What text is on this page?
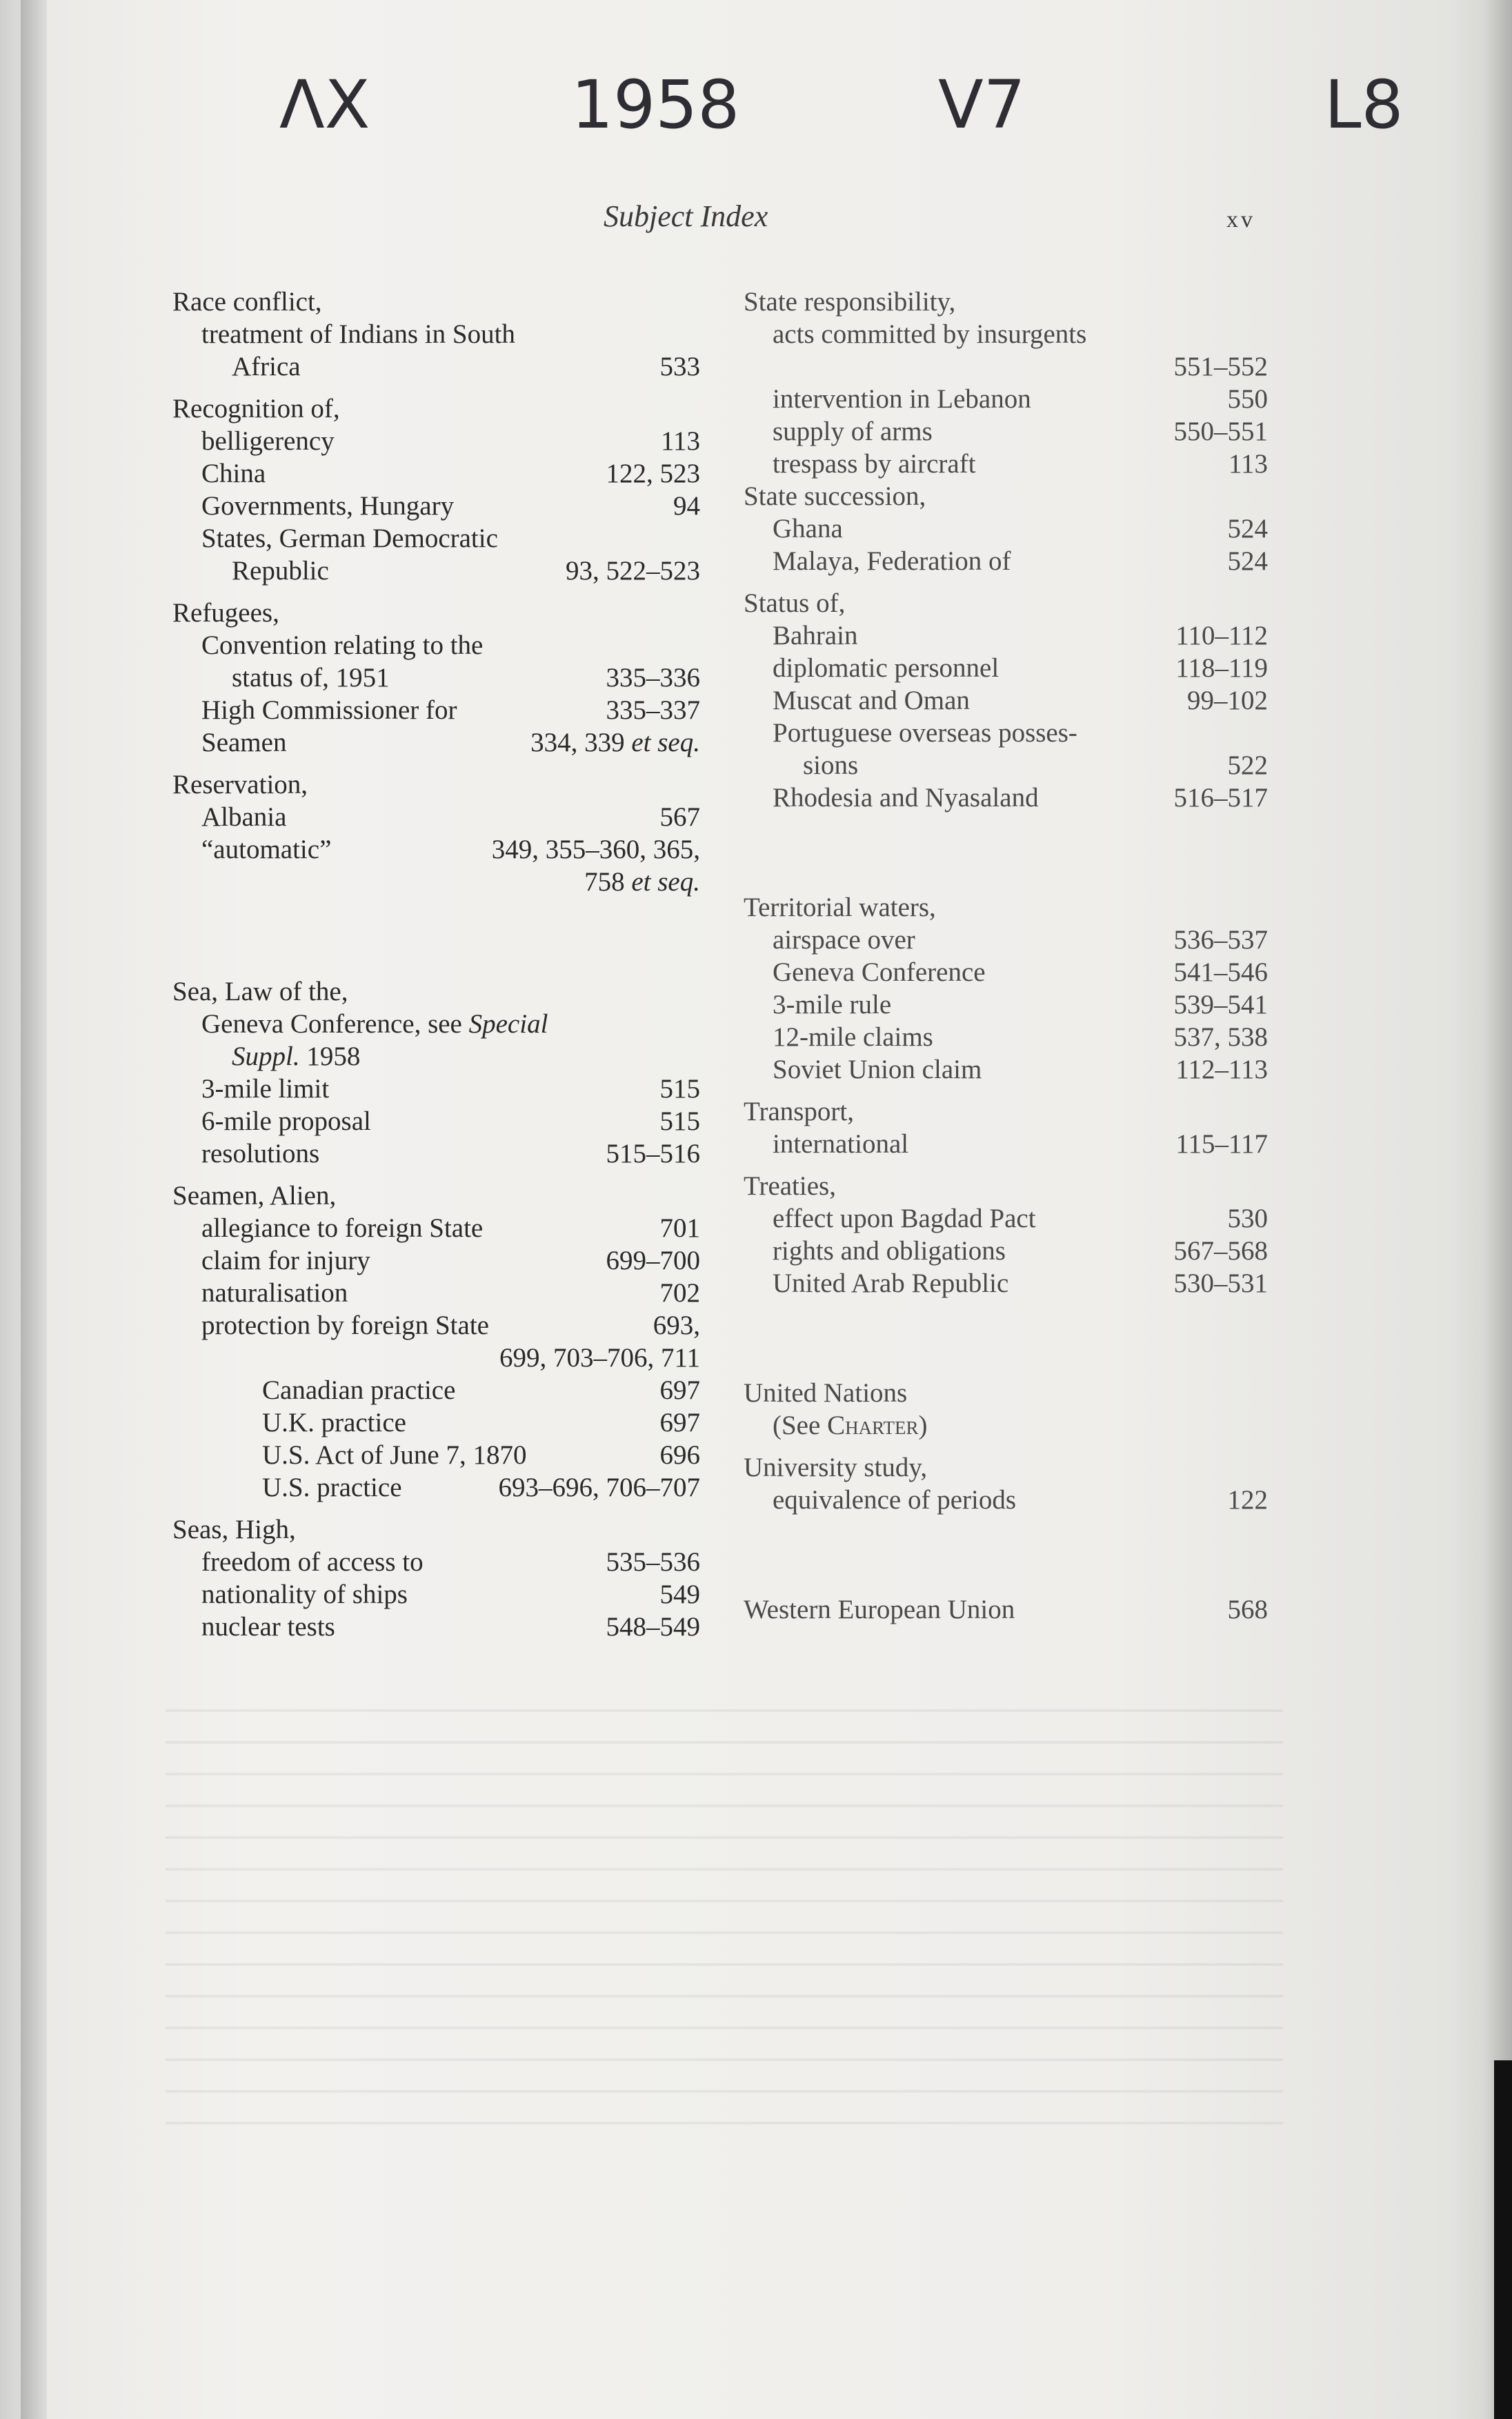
ΛΧ	1958	V7	L8
Subject Index	xv
Race conflict,
treatment of Indians in South
Africa	533
Recognition of,
belligerency	113
China	122, 523
Governments, Hungary	94
States, German Democratic
Republic	93, 522–523
Refugees,
Convention relating to the
status of, 1951	335–336
High Commissioner for	335–337
Seamen	334, 339 et seq.
Reservation,
Albania	567
“automatic”	349, 355–360, 365,
758 et seq.
Sea, Law of the,
Geneva Conference, see Special
Suppl. 1958
3-mile limit	515
6-mile proposal	515
resolutions	515–516
Seamen, Alien,
allegiance to foreign State	701
claim for injury	699–700
naturalisation	702
protection by foreign State	693,
699, 703–706, 711
Canadian practice	697
U.K. practice	697
U.S. Act of June 7, 1870	696
U.S. practice	693–696, 706–707
Seas, High,
freedom of access to	535–536
nationality of ships	549
nuclear tests	548–549
State responsibility,
acts committed by insurgents
551–552
intervention in Lebanon	550
supply of arms	550–551
trespass by aircraft	113
State succession,
Ghana	524
Malaya, Federation of	524
Status of,
Bahrain	110–112
diplomatic personnel	118–119
Muscat and Oman	99–102
Portuguese overseas posses-
sions	522
Rhodesia and Nyasaland	516–517
Territorial waters,
airspace over	536–537
Geneva Conference	541–546
3-mile rule	539–541
12-mile claims	537, 538
Soviet Union claim	112–113
Transport,
international	115–117
Treaties,
effect upon Bagdad Pact	530
rights and obligations	567–568
United Arab Republic	530–531
United Nations
(See Charter)
University study,
equivalence of periods	122
Western European Union	568
